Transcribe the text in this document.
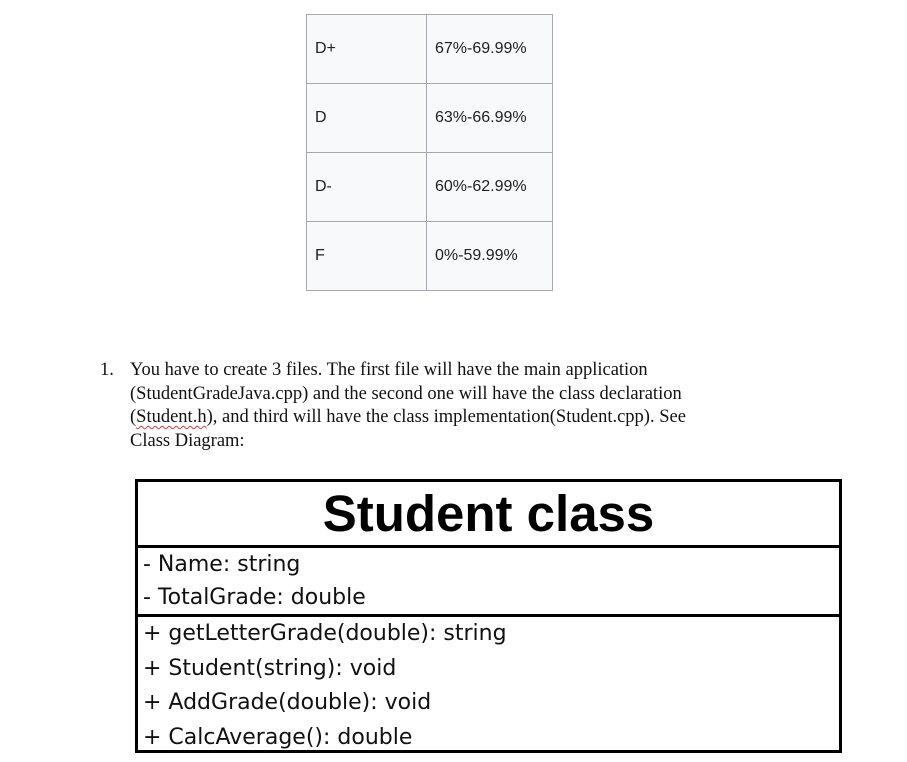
D+	67%-69.99%
D	63%-66.99%
D-	60%-62.99%
F	0%-59.99%
1. You have to create 3 files. The first file will have the main application
(StudentGradeJava.cpp) and the second one will have the class declaration
(Student.h), and third will have the class implementation(Student.cpp). See
Class Diagram:
Student class
- Name: string
- TotalGrade: double
+ getLetterGrade(double): string
+ Student(string): void
+ AddGrade(double): void
+ CalcAverage(): double
